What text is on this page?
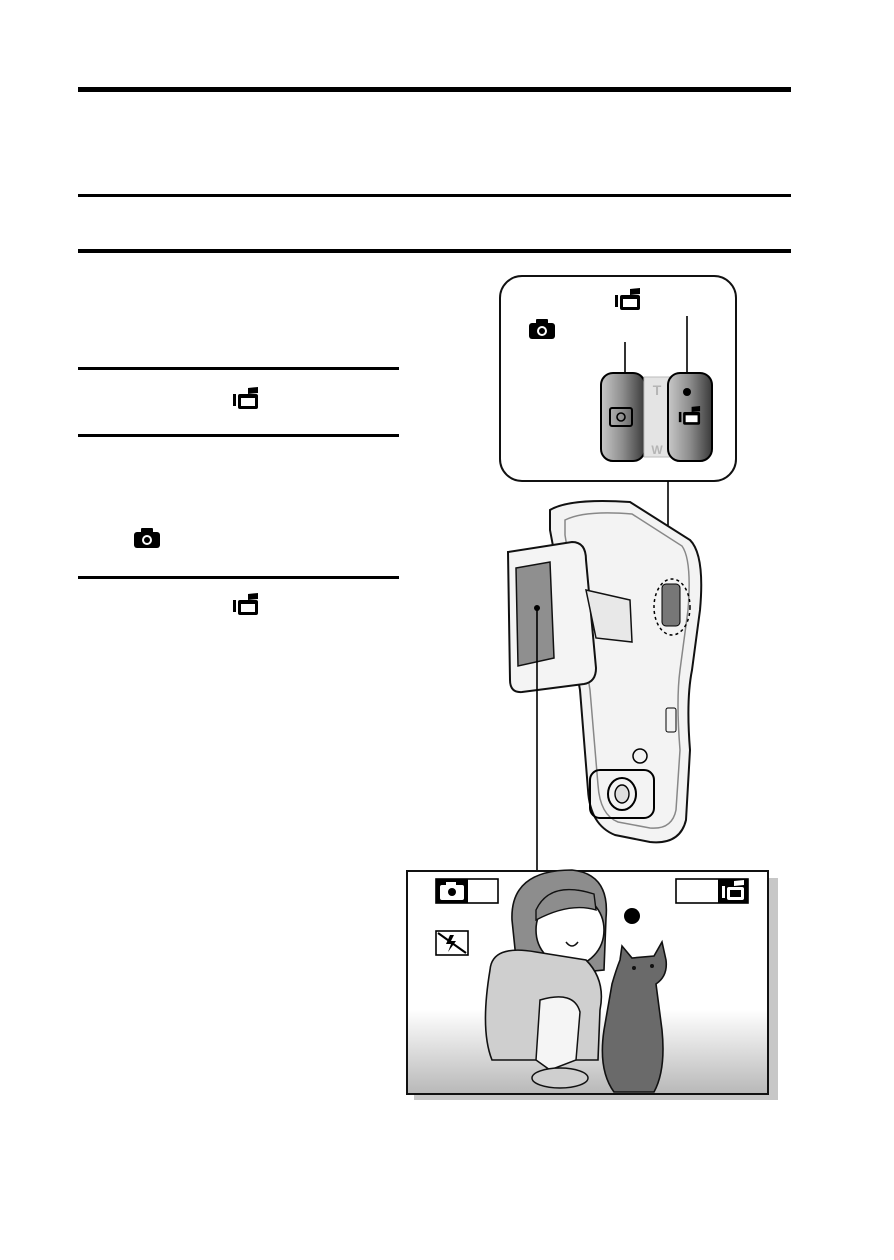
T
W
